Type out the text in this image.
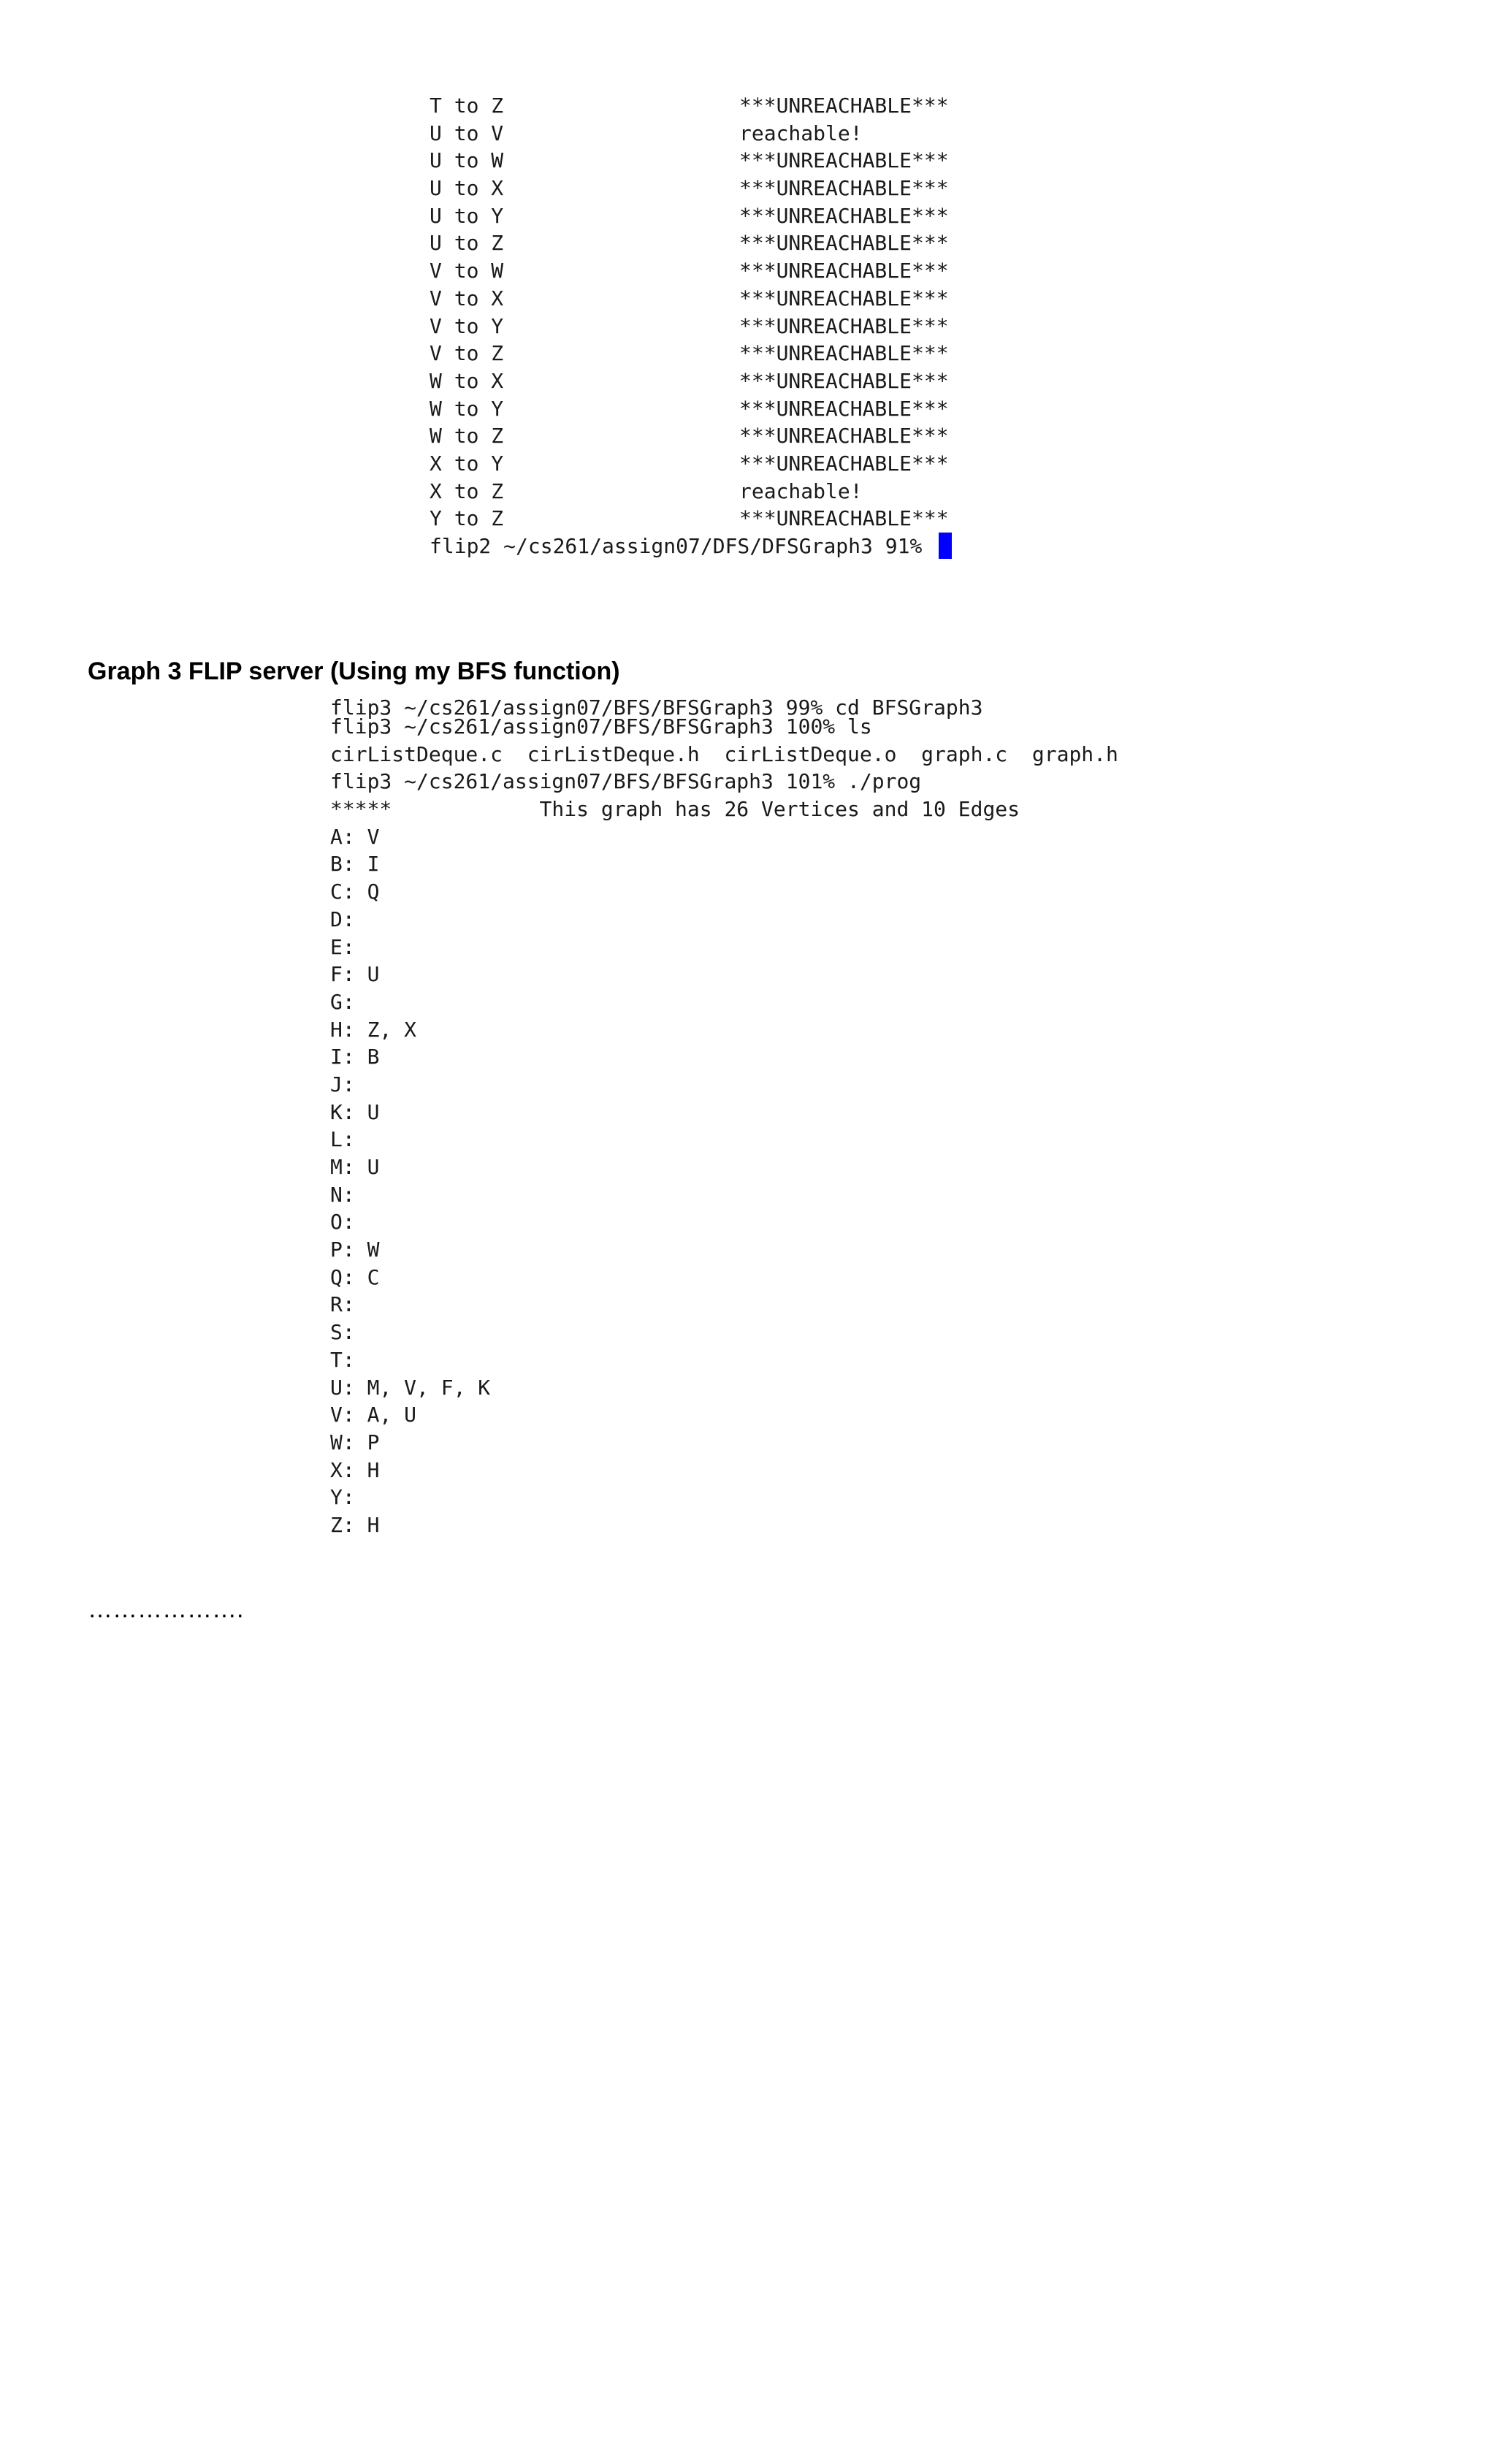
T to Z	***UNREACHABLE***
U to V	reachable!
U to W	***UNREACHABLE***
U to X	***UNREACHABLE***
U to Y	***UNREACHABLE***
U to Z	***UNREACHABLE***
V to W	***UNREACHABLE***
V to X	***UNREACHABLE***
V to Y	***UNREACHABLE***
V to Z	***UNREACHABLE***
W to X	***UNREACHABLE***
W to Y	***UNREACHABLE***
W to Z	***UNREACHABLE***
X to Y	***UNREACHABLE***
X to Z	reachable!
Y to Z	***UNREACHABLE***
flip2 ~/cs261/assign07/DFS/DFSGraph3 91%
Graph 3 FLIP server (Using my BFS function)
flip3 ~/cs261/assign07/BFS/BFSGraph3 99% cd BFSGraph3
flip3 ~/cs261/assign07/BFS/BFSGraph3 100% ls
cirListDeque.c  cirListDeque.h  cirListDeque.o  graph.c  graph.h
flip3 ~/cs261/assign07/BFS/BFSGraph3 101% ./prog
*****            This graph has 26 Vertices and 10 Edges
A: V
B: I
C: Q
D:
E:
F: U
G:
H: Z, X
I: B
J:
K: U
L:
M: U
N:
O:
P: W
Q: C
R:
S:
T:
U: M, V, F, K
V: A, U
W: P
X: H
Y:
Z: H
……………….
